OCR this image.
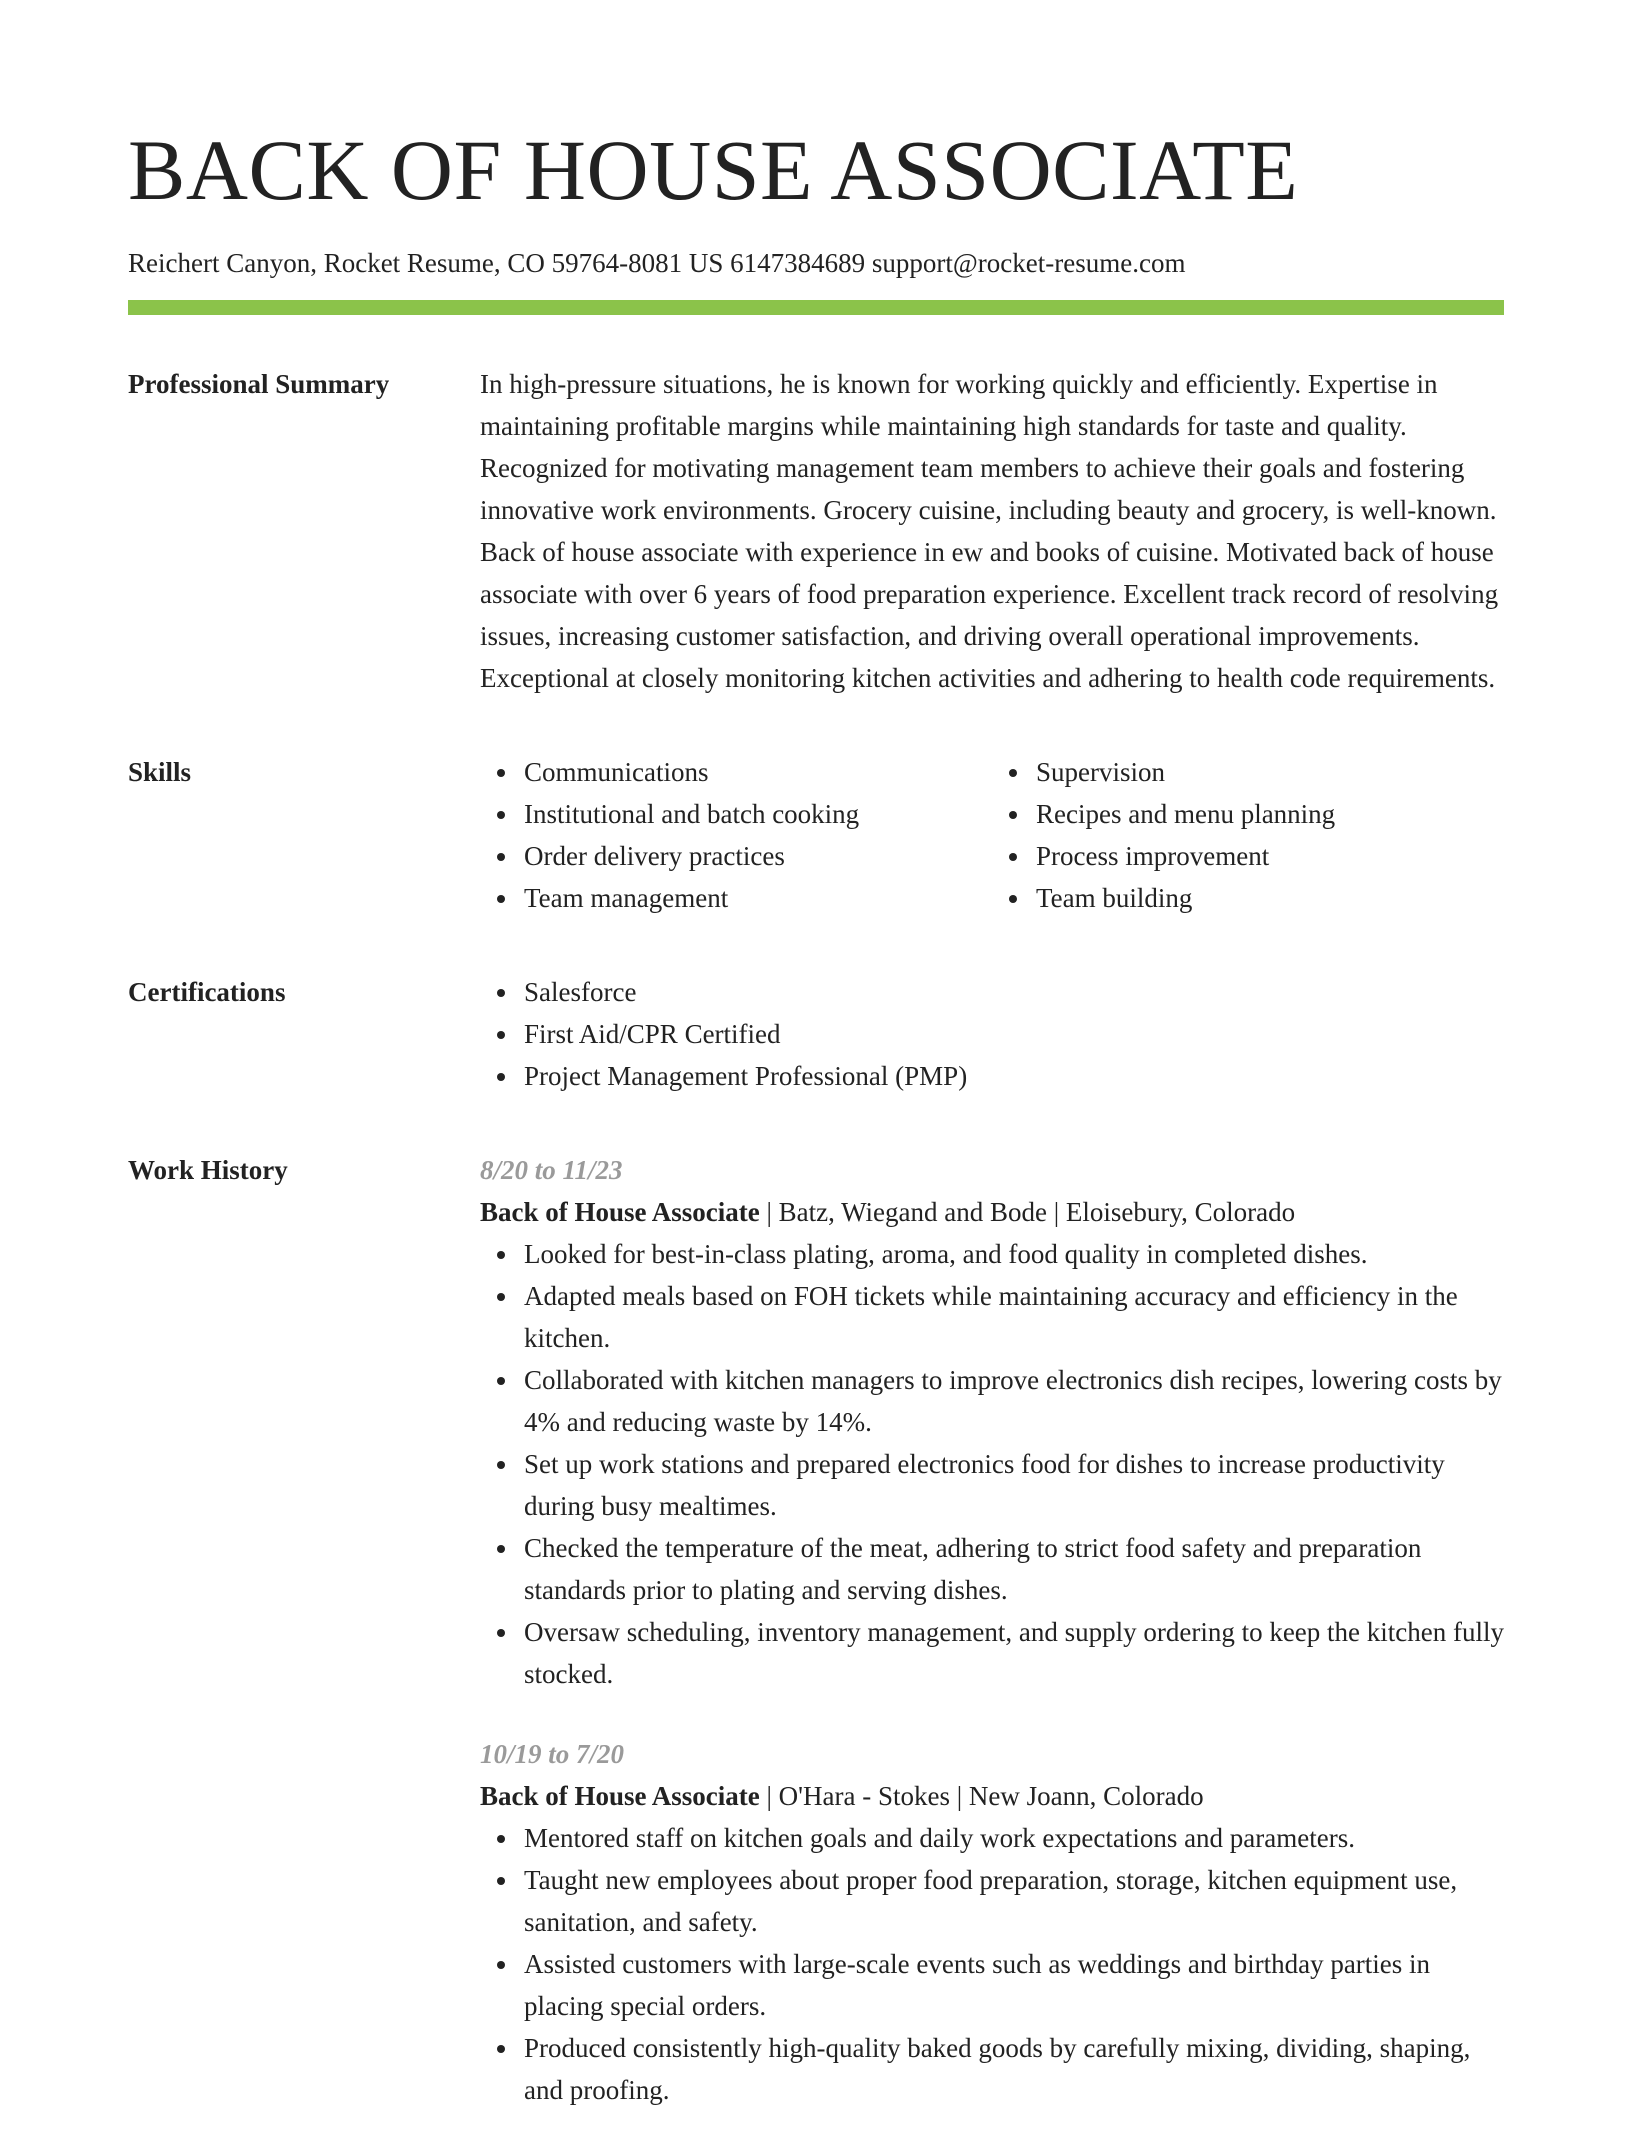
BACK OF HOUSE ASSOCIATE
Reichert Canyon, Rocket Resume, CO 59764-8081 US 6147384689 support@rocket-resume.com
Professional Summary	In high-pressure situations, he is known for working quickly and efficiently. Expertise in maintaining profitable margins while maintaining high standards for taste and quality. Recognized for motivating management team members to achieve their goals and fostering innovative work environments. Grocery cuisine, including beauty and grocery, is well-known. Back of house associate with experience in ew and books of cuisine. Motivated back of house associate with over 6 years of food preparation experience. Excellent track record of resolving issues, increasing customer satisfaction, and driving overall operational improvements. Exceptional at closely monitoring kitchen activities and adhering to health code requirements.

Skills	Communications
Institutional and batch cooking
Order delivery practices
Team management
Supervision
Recipes and menu planning
Process improvement
Team building
Certifications	Salesforce
First Aid/CPR Certified
Project Management Professional (PMP)
Work History	8/20 to 11/23
Back of House Associate | Batz, Wiegand and Bode | Eloisebury, Colorado
Looked for best-in-class plating, aroma, and food quality in completed dishes.
Adapted meals based on FOH tickets while maintaining accuracy and efficiency in the kitchen.
Collaborated with kitchen managers to improve electronics dish recipes, lowering costs by 4% and reducing waste by 14%.
Set up work stations and prepared electronics food for dishes to increase productivity during busy mealtimes.
Checked the temperature of the meat, adhering to strict food safety and preparation standards prior to plating and serving dishes.
Oversaw scheduling, inventory management, and supply ordering to keep the kitchen fully stocked.
10/19 to 7/20
Back of House Associate | O'Hara - Stokes | New Joann, Colorado
Mentored staff on kitchen goals and daily work expectations and parameters.
Taught new employees about proper food preparation, storage, kitchen equipment use, sanitation, and safety.
Assisted customers with large-scale events such as weddings and birthday parties in placing special orders.
Produced consistently high-quality baked goods by carefully mixing, dividing, shaping, and proofing.
